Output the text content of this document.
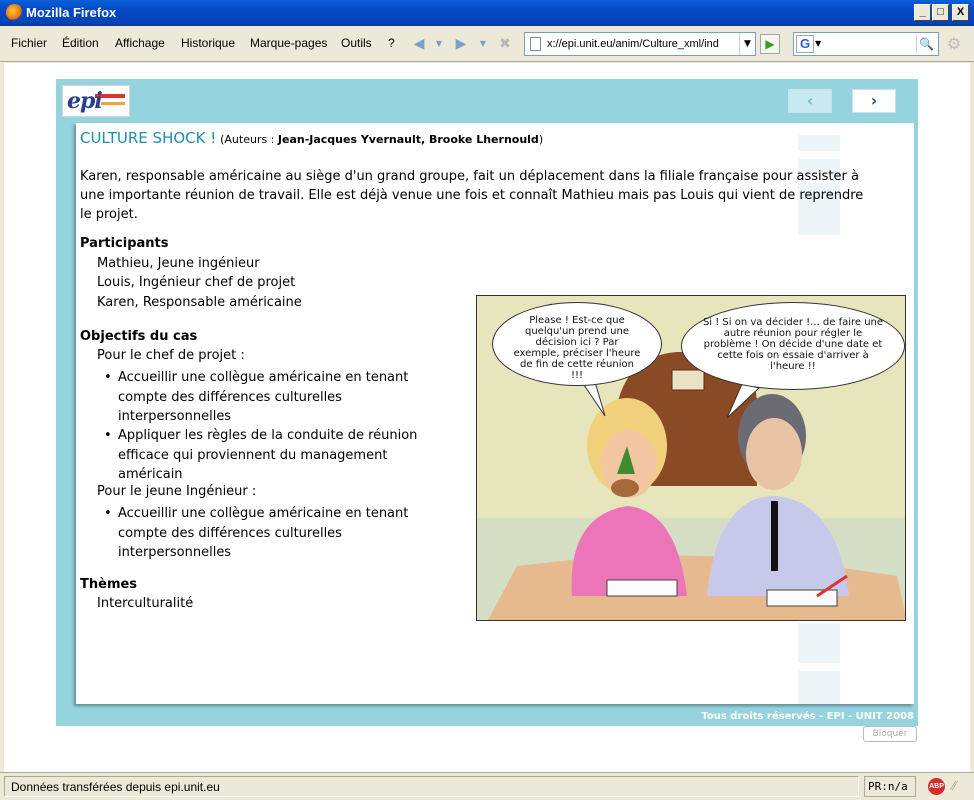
Mozilla Firefox	_	□	X
Fichier Édition Affichage Historique Marque-pages Outils ? ◀	▼ ▶	▼ ✖	x://epi.unit.eu/anim/Culture_xml/ind	▼	▶	G ▼	🔍 ⚙
epi	‹	›
CULTURE SHOCK ! (Auteurs : Jean-Jacques Yvernault, Brooke Lhernould)
Karen, responsable américaine au siège d'un grand groupe, fait un déplacement dans la filiale française pour assister à une importante réunion de travail. Elle est déjà venue une fois et connaît Mathieu mais pas Louis qui vient de reprendre le projet.
Participants
Mathieu, Jeune ingénieur
Louis, Ingénieur chef de projet
Karen, Responsable américaine
Objectifs du cas
Pour le chef de projet :
• Accueillir une collègue américaine en tenant compte des différences culturelles interpersonnelles
• Appliquer les règles de la conduite de réunion efficace qui proviennent du management américain
Pour le jeune Ingénieur :
• Accueillir une collègue américaine en tenant compte des différences culturelles interpersonnelles
Thèmes
Interculturalité
Please ! Est-ce que quelqu'un prend une décision ici ? Par exemple, préciser l'heure de fin de cette réunion !!!
Si ! Si on va décider !... de faire une autre réunion pour régler le problème ! On décide d'une date et cette fois on essaie d'arriver à l'heure !!
Tous droits réservés - EPI - UNIT 2008
Bloquer
Données transférées depuis epi.unit.eu	PR:n/a	ABP ⁄⁄
